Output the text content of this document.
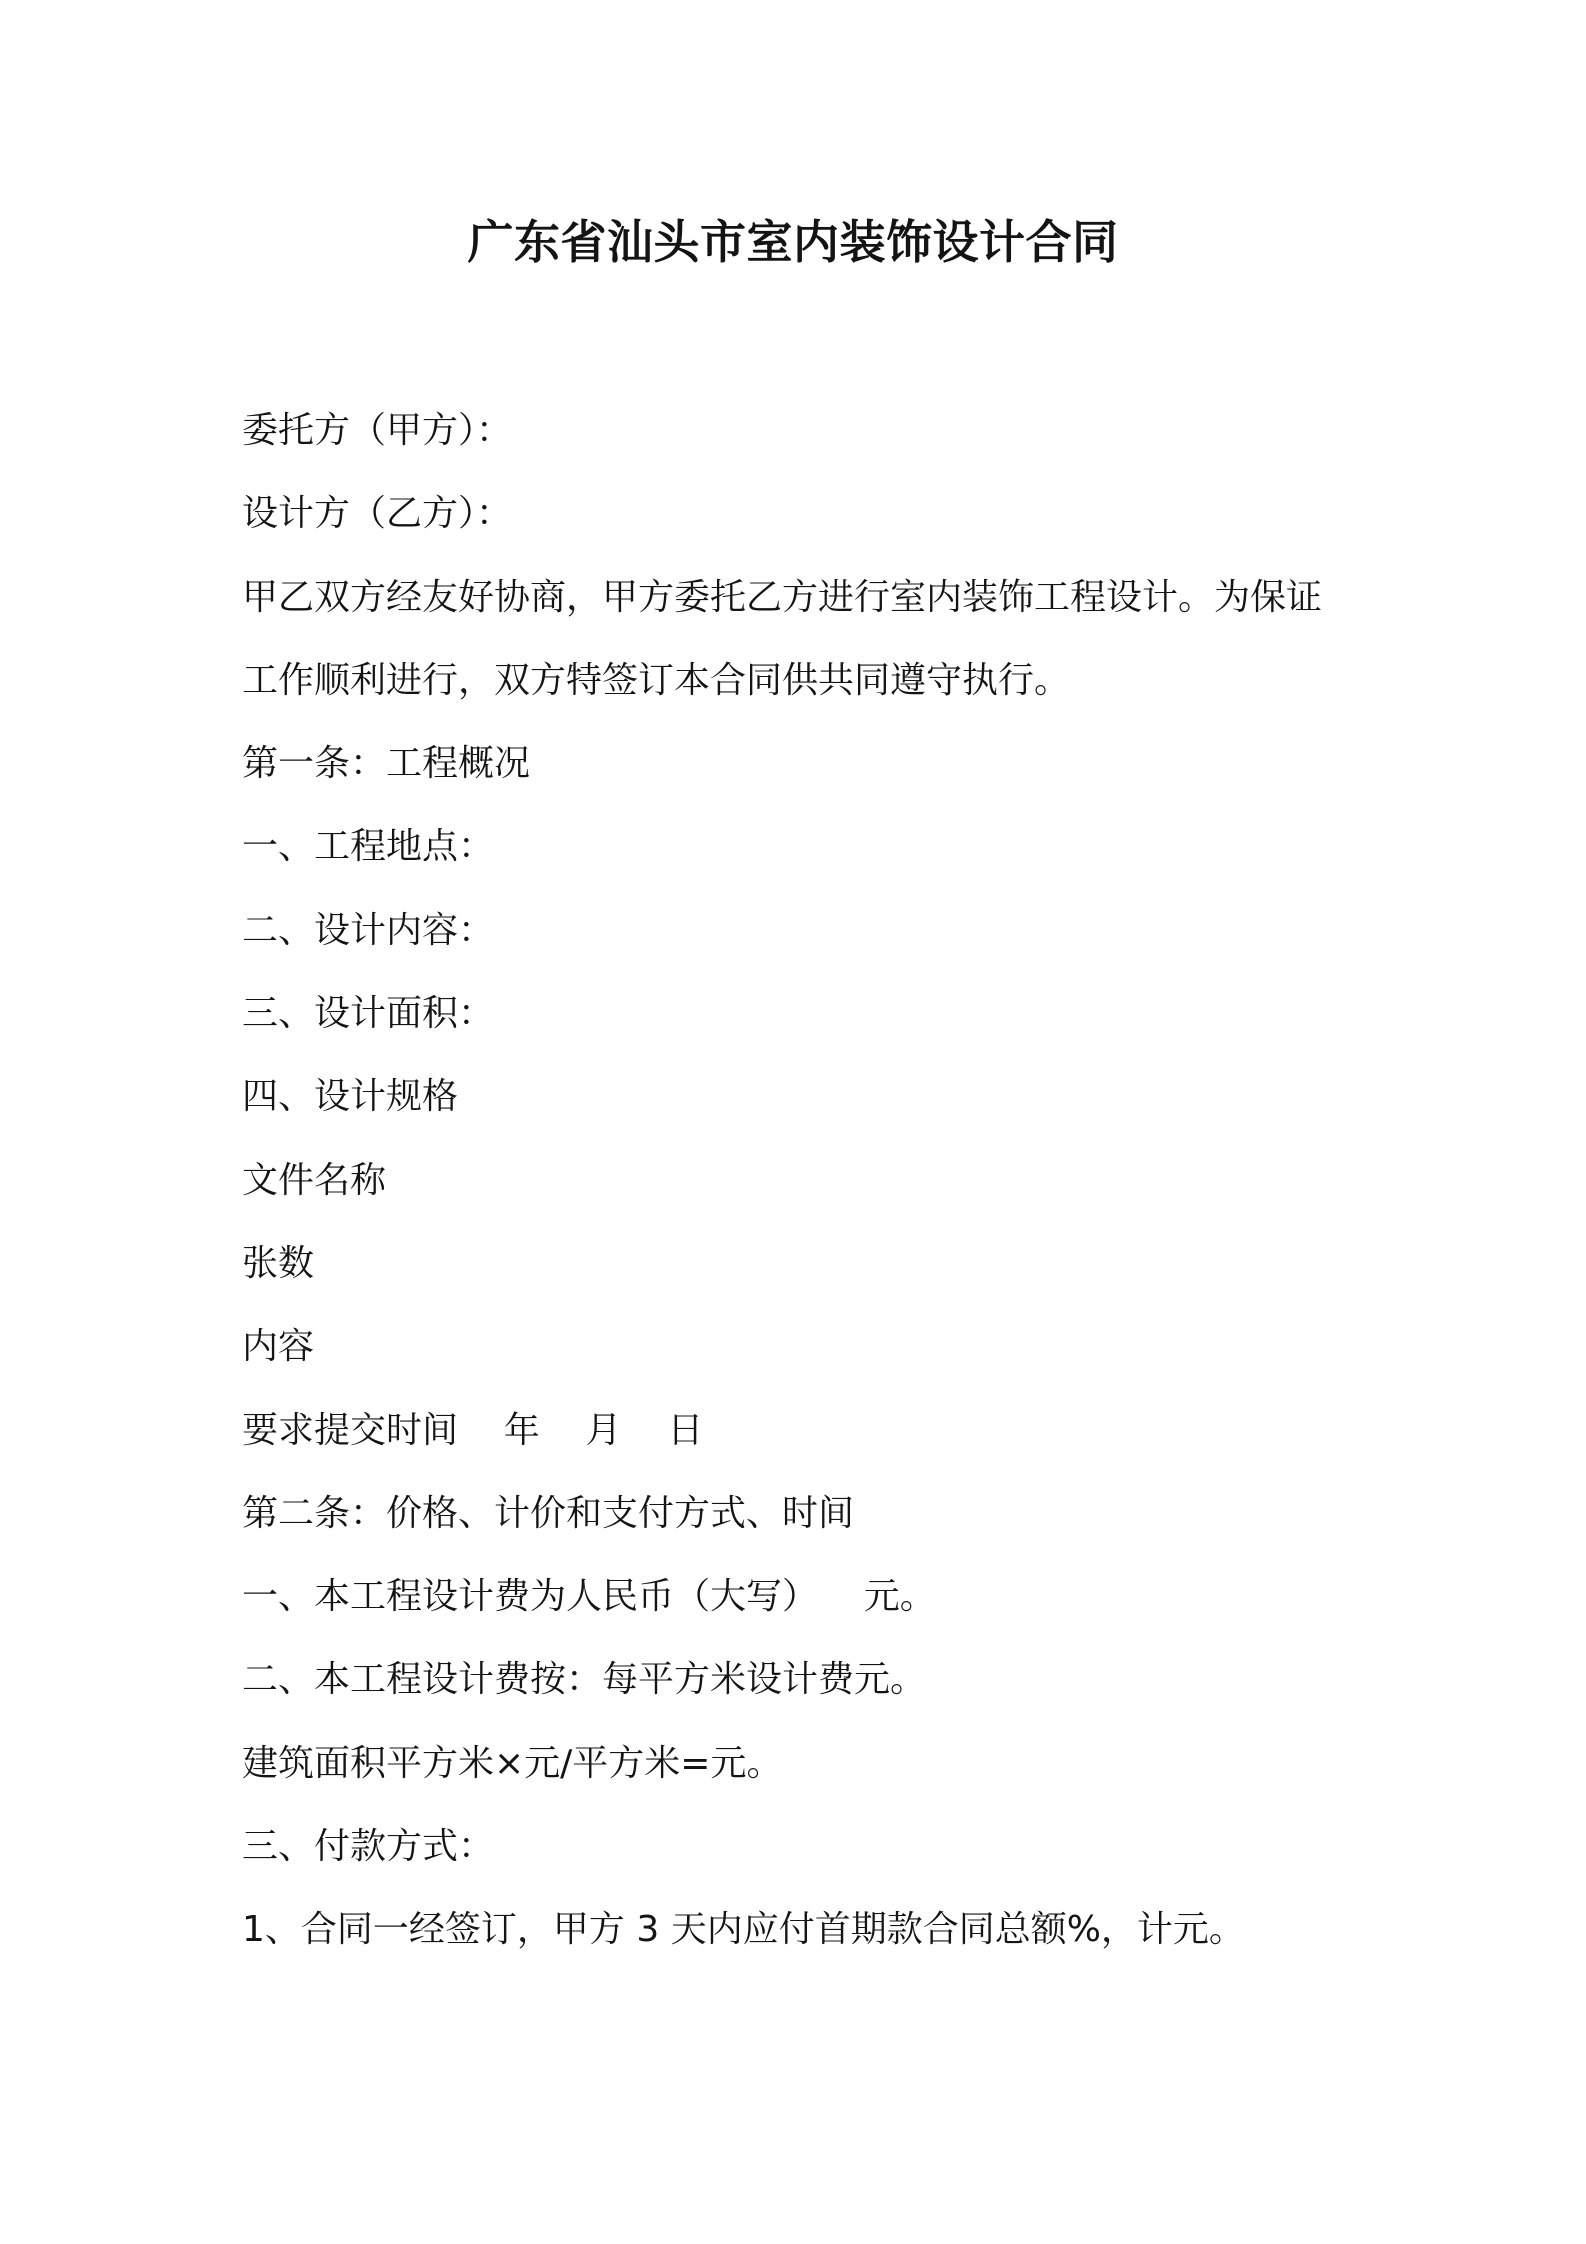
广东省汕头市室内装饰设计合同
委托方（甲方）：
设计方（乙方）：
甲乙双方经友好协商，甲方委托乙方进行室内装饰工程设计。为保证
工作顺利进行，双方特签订本合同供共同遵守执行。
第一条：工程概况
一、工程地点：
二、设计内容：
三、设计面积：
四、设计规格
文件名称
张数
内容
要求提交时间    年    月    日
第二条：价格、计价和支付方式、时间
一、本工程设计费为人民币（大写）    元。
二、本工程设计费按：每平方米设计费元。
建筑面积平方米×元/平方米=元。
三、付款方式：
1、合同一经签订，甲方 3 天内应付首期款合同总额%，计元。
